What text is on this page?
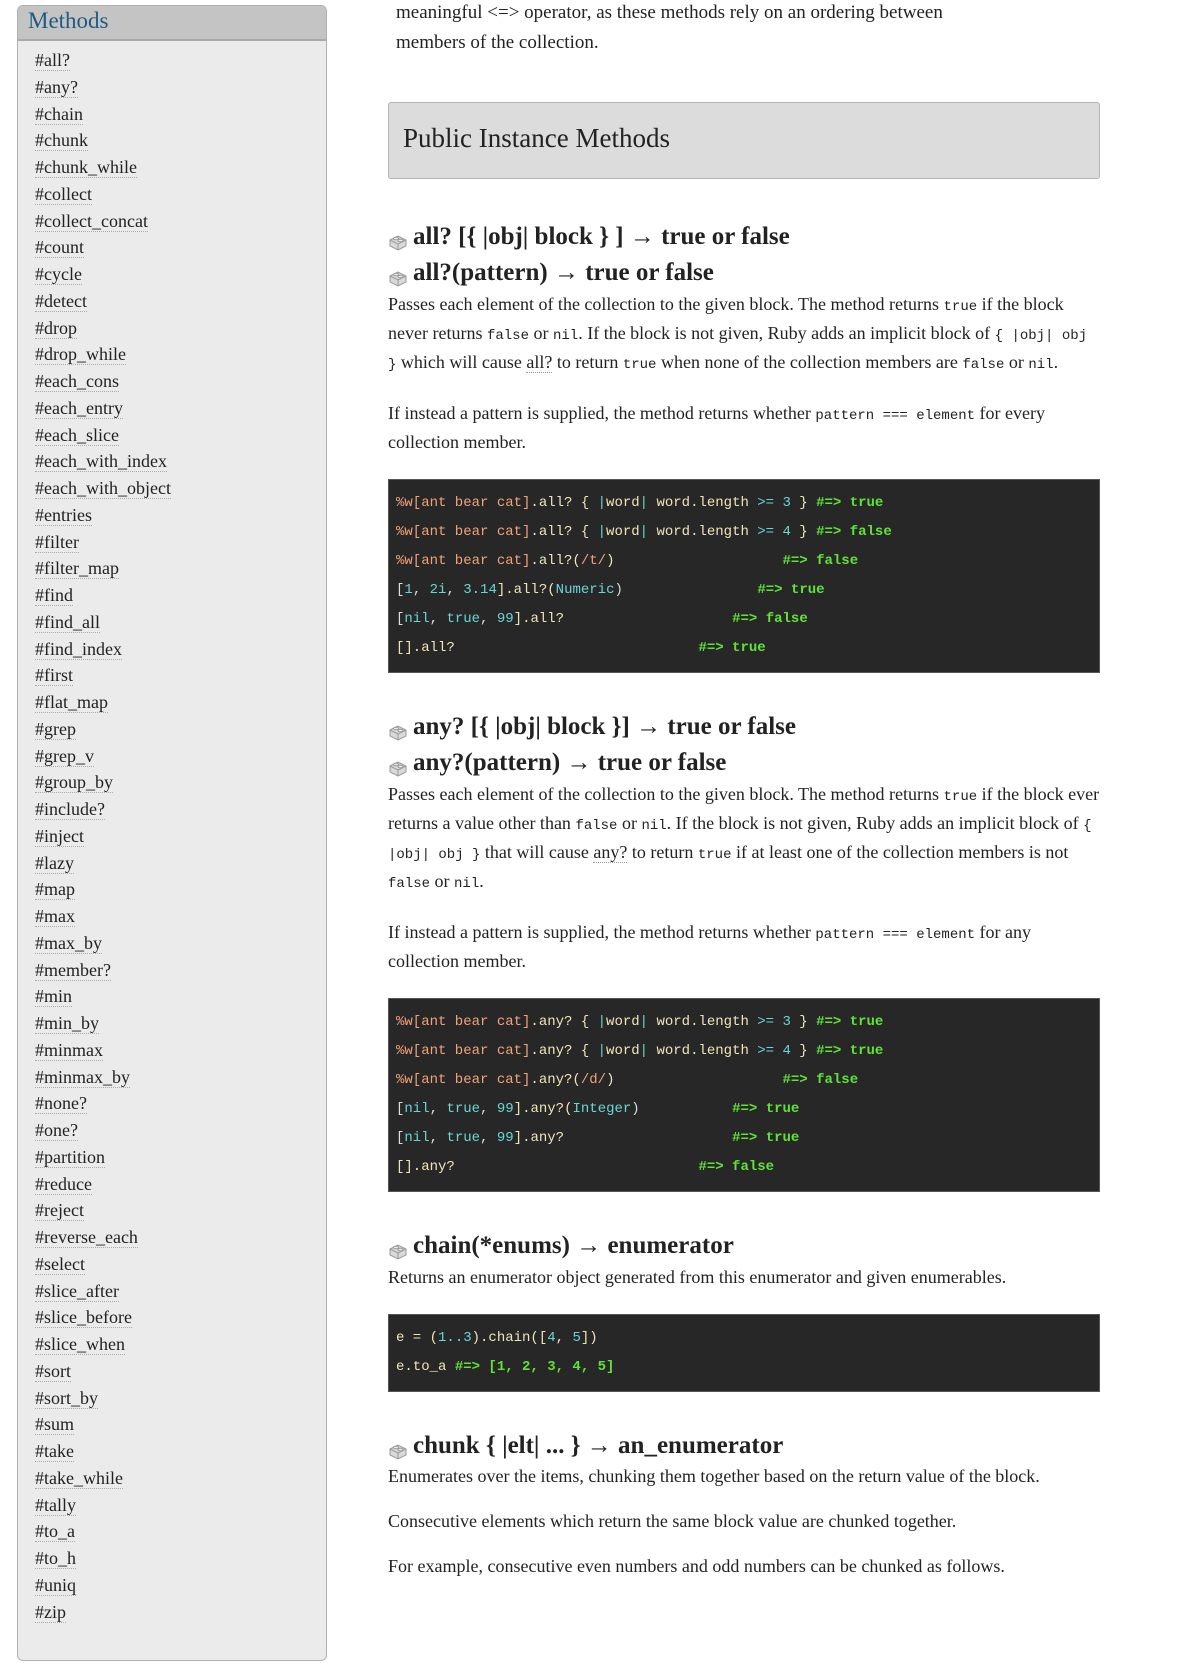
Methods
#all?
#any?
#chain
#chunk
#chunk_while
#collect
#collect_concat
#count
#cycle
#detect
#drop
#drop_while
#each_cons
#each_entry
#each_slice
#each_with_index
#each_with_object
#entries
#filter
#filter_map
#find
#find_all
#find_index
#first
#flat_map
#grep
#grep_v
#group_by
#include?
#inject
#lazy
#map
#max
#max_by
#member?
#min
#min_by
#minmax
#minmax_by
#none?
#one?
#partition
#reduce
#reject
#reverse_each
#select
#slice_after
#slice_before
#slice_when
#sort
#sort_by
#sum
#take
#take_while
#tally
#to_a
#to_h
#uniq
#zip
meaningful <=> operator, as these methods rely on an ordering between
members of the collection.
Public Instance Methods
all? [{ |obj| block } ] → true or false
all?(pattern) → true or false

Passes each element of the collection to the given block. The method returns true if the block never returns false or nil. If the block is not given, Ruby adds an implicit block of { |obj| obj } which will cause all? to return true when none of the collection members are false or nil.

If instead a pattern is supplied, the method returns whether pattern === element for every collection member.

%w[ant bear cat].all? { |word| word.length >= 3 } #=> true
%w[ant bear cat].all? { |word| word.length >= 4 } #=> false
%w[ant bear cat].all?(/t/)                    #=> false
[1, 2i, 3.14].all?(Numeric)                #=> true
[nil, true, 99].all?                    #=> false
[].all?                             #=> true
any? [{ |obj| block }] → true or false
any?(pattern) → true or false

Passes each element of the collection to the given block. The method returns true if the block ever returns a value other than false or nil. If the block is not given, Ruby adds an implicit block of { |obj| obj } that will cause any? to return true if at least one of the collection members is not false or nil.

If instead a pattern is supplied, the method returns whether pattern === element for any collection member.

%w[ant bear cat].any? { |word| word.length >= 3 } #=> true
%w[ant bear cat].any? { |word| word.length >= 4 } #=> true
%w[ant bear cat].any?(/d/)                    #=> false
[nil, true, 99].any?(Integer)           #=> true
[nil, true, 99].any?                    #=> true
[].any?                             #=> false
chain(*enums) → enumerator

Returns an enumerator object generated from this enumerator and given enumerables.

e = (1..3).chain([4, 5])
e.to_a #=> [1, 2, 3, 4, 5]
chunk { |elt| ... } → an_enumerator

Enumerates over the items, chunking them together based on the return value of the block.

Consecutive elements which return the same block value are chunked together.

For example, consecutive even numbers and odd numbers can be chunked as follows.
